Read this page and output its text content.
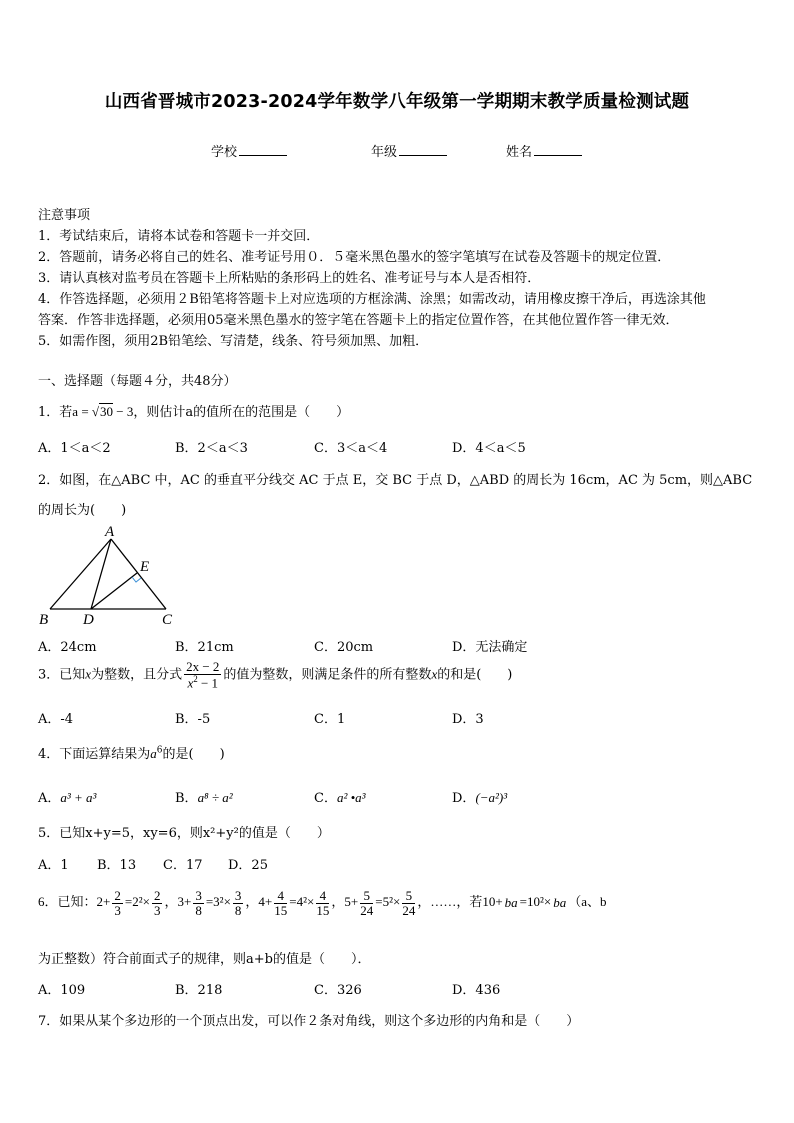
山西省晋城市2023-2024学年数学八年级第一学期期末教学质量检测试题
学校	年级	姓名
注意事项
1．考试结束后，请将本试卷和答题卡一并交回．
2．答题前，请务必将自己的姓名、准考证号用０．５毫米黑色墨水的签字笔填写在试卷及答题卡的规定位置．
3．请认真核对监考员在答题卡上所粘贴的条形码上的姓名、准考证号与本人是否相符．
4．作答选择题，必须用２B铅笔将答题卡上对应选项的方框涂满、涂黑；如需改动，请用橡皮擦干净后，再选涂其他
答案．作答非选择题，必须用05毫米黑色墨水的签字笔在答题卡上的指定位置作答，在其他位置作答一律无效．
5．如需作图，须用2B铅笔绘、写清楚，线条、符号须加黑、加粗．
一、选择题（每题４分，共48分）
1．若a = √30 − 3，则估计a的值所在的范围是（　　）
A．1＜a＜2	B．2＜a＜3	C．3＜a＜4	D．4＜a＜5
2．如图，在△ABC 中，AC 的垂直平分线交 AC 于点 E，交 BC 于点 D，△ABD 的周长为 16cm，AC 为 5cm，则△ABC
的周长为(　　)
A
E
B D	C
A．24cm	B．21cm	C．20cm	D．无法确定
3．已知x为整数，且分式 $\frac{2x - 2}{x^2 - 1}$ 的值为整数，则满足条件的所有整数x的和是(　　)
A．-4	B．-5	C．1	D．3
4．下面运算结果为$a^6$的是(　　)
A．a³ + a³	B．a⁸ ÷ a²	C．a² •a³	D．(−a²)³
5．已知x+y=5，xy=6，则x²+y²的值是（　　）
A．1 B．13 C．17 D．25
6．已知：$2+ \frac{2}{3} =2^2\times \frac{2}{3}$ ，$3+ \frac{3}{8} =3^2\times \frac{3}{8}$ ，$4+ \frac{4}{15} =4^2\times \frac{4}{15}$ ，$5+ \frac{5}{24} =5^2\times \frac{5}{24}$ ，……，若10+ ba =10²× ba （a、b
为正整数）符合前面式子的规律，则a+b的值是（　　）．
A．109	B．218	C．326	D．436
7．如果从某个多边形的一个顶点出发，可以作２条对角线，则这个多边形的内角和是（　　）
